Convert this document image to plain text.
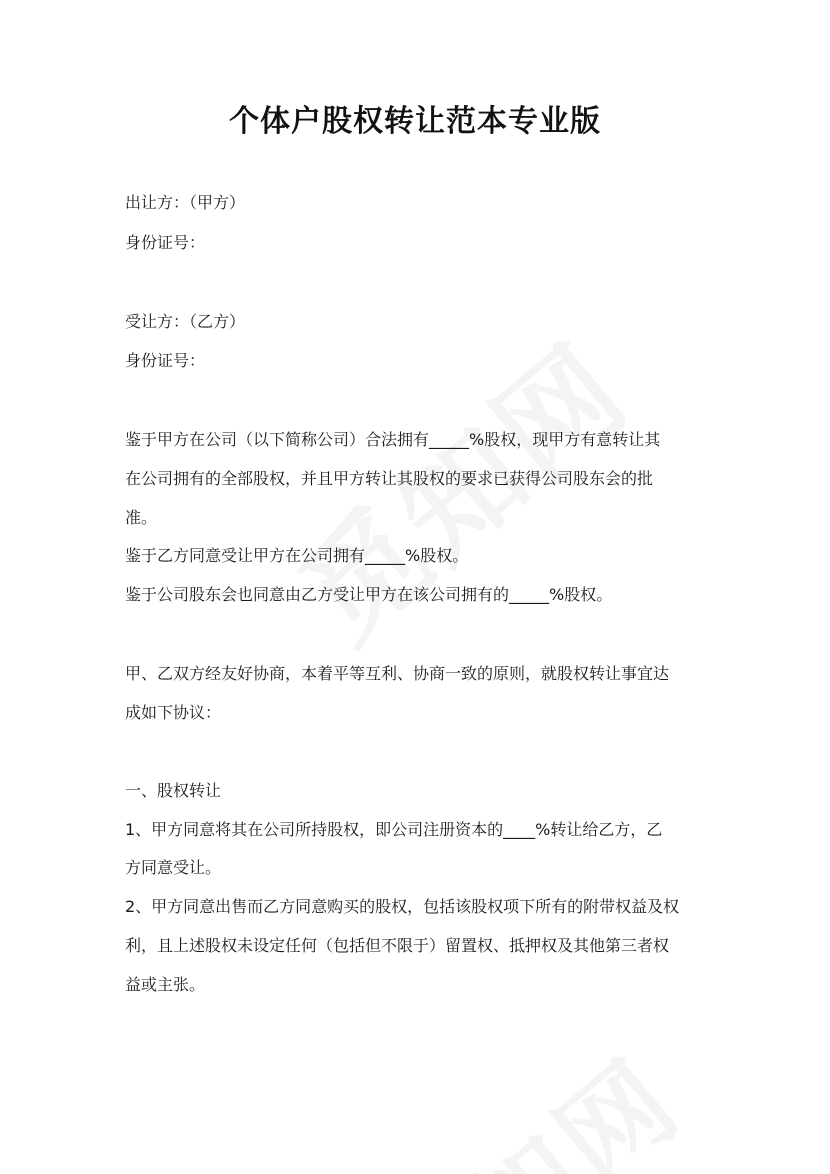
个体户股权转让范本专业版

出让方：（甲方）

身份证号：

受让方：（乙方）

身份证号：

鉴于甲方在公司（以下简称公司）合法拥有_____%股权，现甲方有意转让其

在公司拥有的全部股权，并且甲方转让其股权的要求已获得公司股东会的批

准。

鉴于乙方同意受让甲方在公司拥有_____%股权。

鉴于公司股东会也同意由乙方受让甲方在该公司拥有的_____%股权。

甲、乙双方经友好协商，本着平等互利、协商一致的原则，就股权转让事宜达

成如下协议：

一、股权转让

1、甲方同意将其在公司所持股权，即公司注册资本的____%转让给乙方，乙

方同意受让。

2、甲方同意出售而乙方同意购买的股权，包括该股权项下所有的附带权益及权

利，且上述股权未设定任何（包括但不限于）留置权、抵押权及其他第三者权

益或主张。
